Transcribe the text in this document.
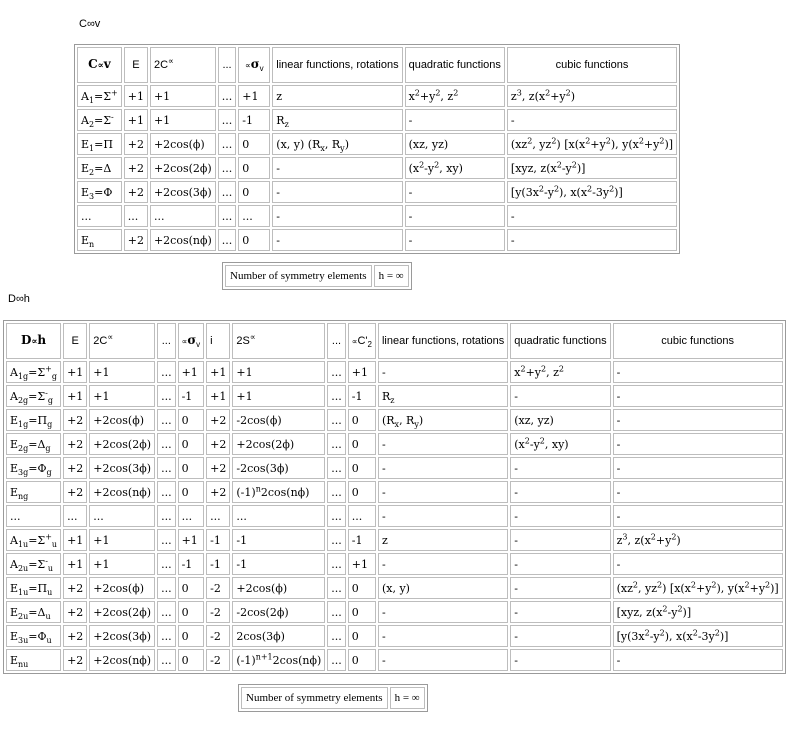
C∞v
C∝v	E	2C∝	...	$\propto\sigma_v$	linear functions, rotations	quadratic functions	cubic functions
$A_1=\Sigma^+$	+1	+1	...	+1	z	$x^2+y^2$, $z^2$	$z^3$, $z(x^2+y^2)$
$A_2=\Sigma^-$	+1	+1	...	-1	$R_z$	-	-
$E_1=\Pi$	+2	+2cos(ϕ)	...	0	(x, y) ($R_x$, $R_y$)	(xz, yz)	($xz^2$, $yz^2$) [$x(x^2+y^2)$, $y(x^2+y^2)$]
$E_2=\Delta$	+2	+2cos(2ϕ)	...	0	-	($x^2-y^2$, xy)	[xyz, $z(x^2-y^2)$]
$E_3=\Phi$	+2	+2cos(3ϕ)	...	0	-	-	[$y(3x^2-y^2)$, $x(x^2-3y^2)$]
...	...	...	...	...	-	-	-
$E_n$	+2	+2cos(nϕ)	...	0	-	-	-
Number of symmetry elements	h = ∞
D∞h
D∝h	E	2C∝	...	$\propto\sigma_v$	i	2S∝	...	$\propto C'_2$	linear functions, rotations	quadratic functions	cubic functions
$A_{1g}=\Sigma^+_g$	+1	+1	...	+1	+1	+1	...	+1	-	$x^2+y^2$, $z^2$	-
$A_{2g}=\Sigma^-_g$	+1	+1	...	-1	+1	+1	...	-1	$R_z$	-	-
$E_{1g}=\Pi_g$	+2	+2cos(ϕ)	...	0	+2	-2cos(ϕ)	...	0	($R_x$, $R_y$)	(xz, yz)	-
$E_{2g}=\Delta_g$	+2	+2cos(2ϕ)	...	0	+2	+2cos(2ϕ)	...	0	-	($x^2-y^2$, xy)	-
$E_{3g}=\Phi_g$	+2	+2cos(3ϕ)	...	0	+2	-2cos(3ϕ)	...	0	-	-	-
$E_{ng}$	+2	+2cos(nϕ)	...	0	+2	$(-1)^n2\cos(n\phi)$	...	0	-	-	-
...	...	...	...	...	...	...	...	...	-	-	-
$A_{1u}=\Sigma^+_u$	+1	+1	...	+1	-1	-1	...	-1	z	-	$z^3$, $z(x^2+y^2)$
$A_{2u}=\Sigma^-_u$	+1	+1	...	-1	-1	-1	...	+1	-	-	-
$E_{1u}=\Pi_u$	+2	+2cos(ϕ)	...	0	-2	+2cos(ϕ)	...	0	(x, y)	-	($xz^2$, $yz^2$) [$x(x^2+y^2)$, $y(x^2+y^2)$]
$E_{2u}=\Delta_u$	+2	+2cos(2ϕ)	...	0	-2	-2cos(2ϕ)	...	0	-	-	[xyz, $z(x^2-y^2)$]
$E_{3u}=\Phi_u$	+2	+2cos(3ϕ)	...	0	-2	2cos(3ϕ)	...	0	-	-	[$y(3x^2-y^2)$, $x(x^2-3y^2)$]
$E_{nu}$	+2	+2cos(nϕ)	...	0	-2	$(-1)^{n+1}2\cos(n\phi)$	...	0	-	-	-
Number of symmetry elements	h = ∞
